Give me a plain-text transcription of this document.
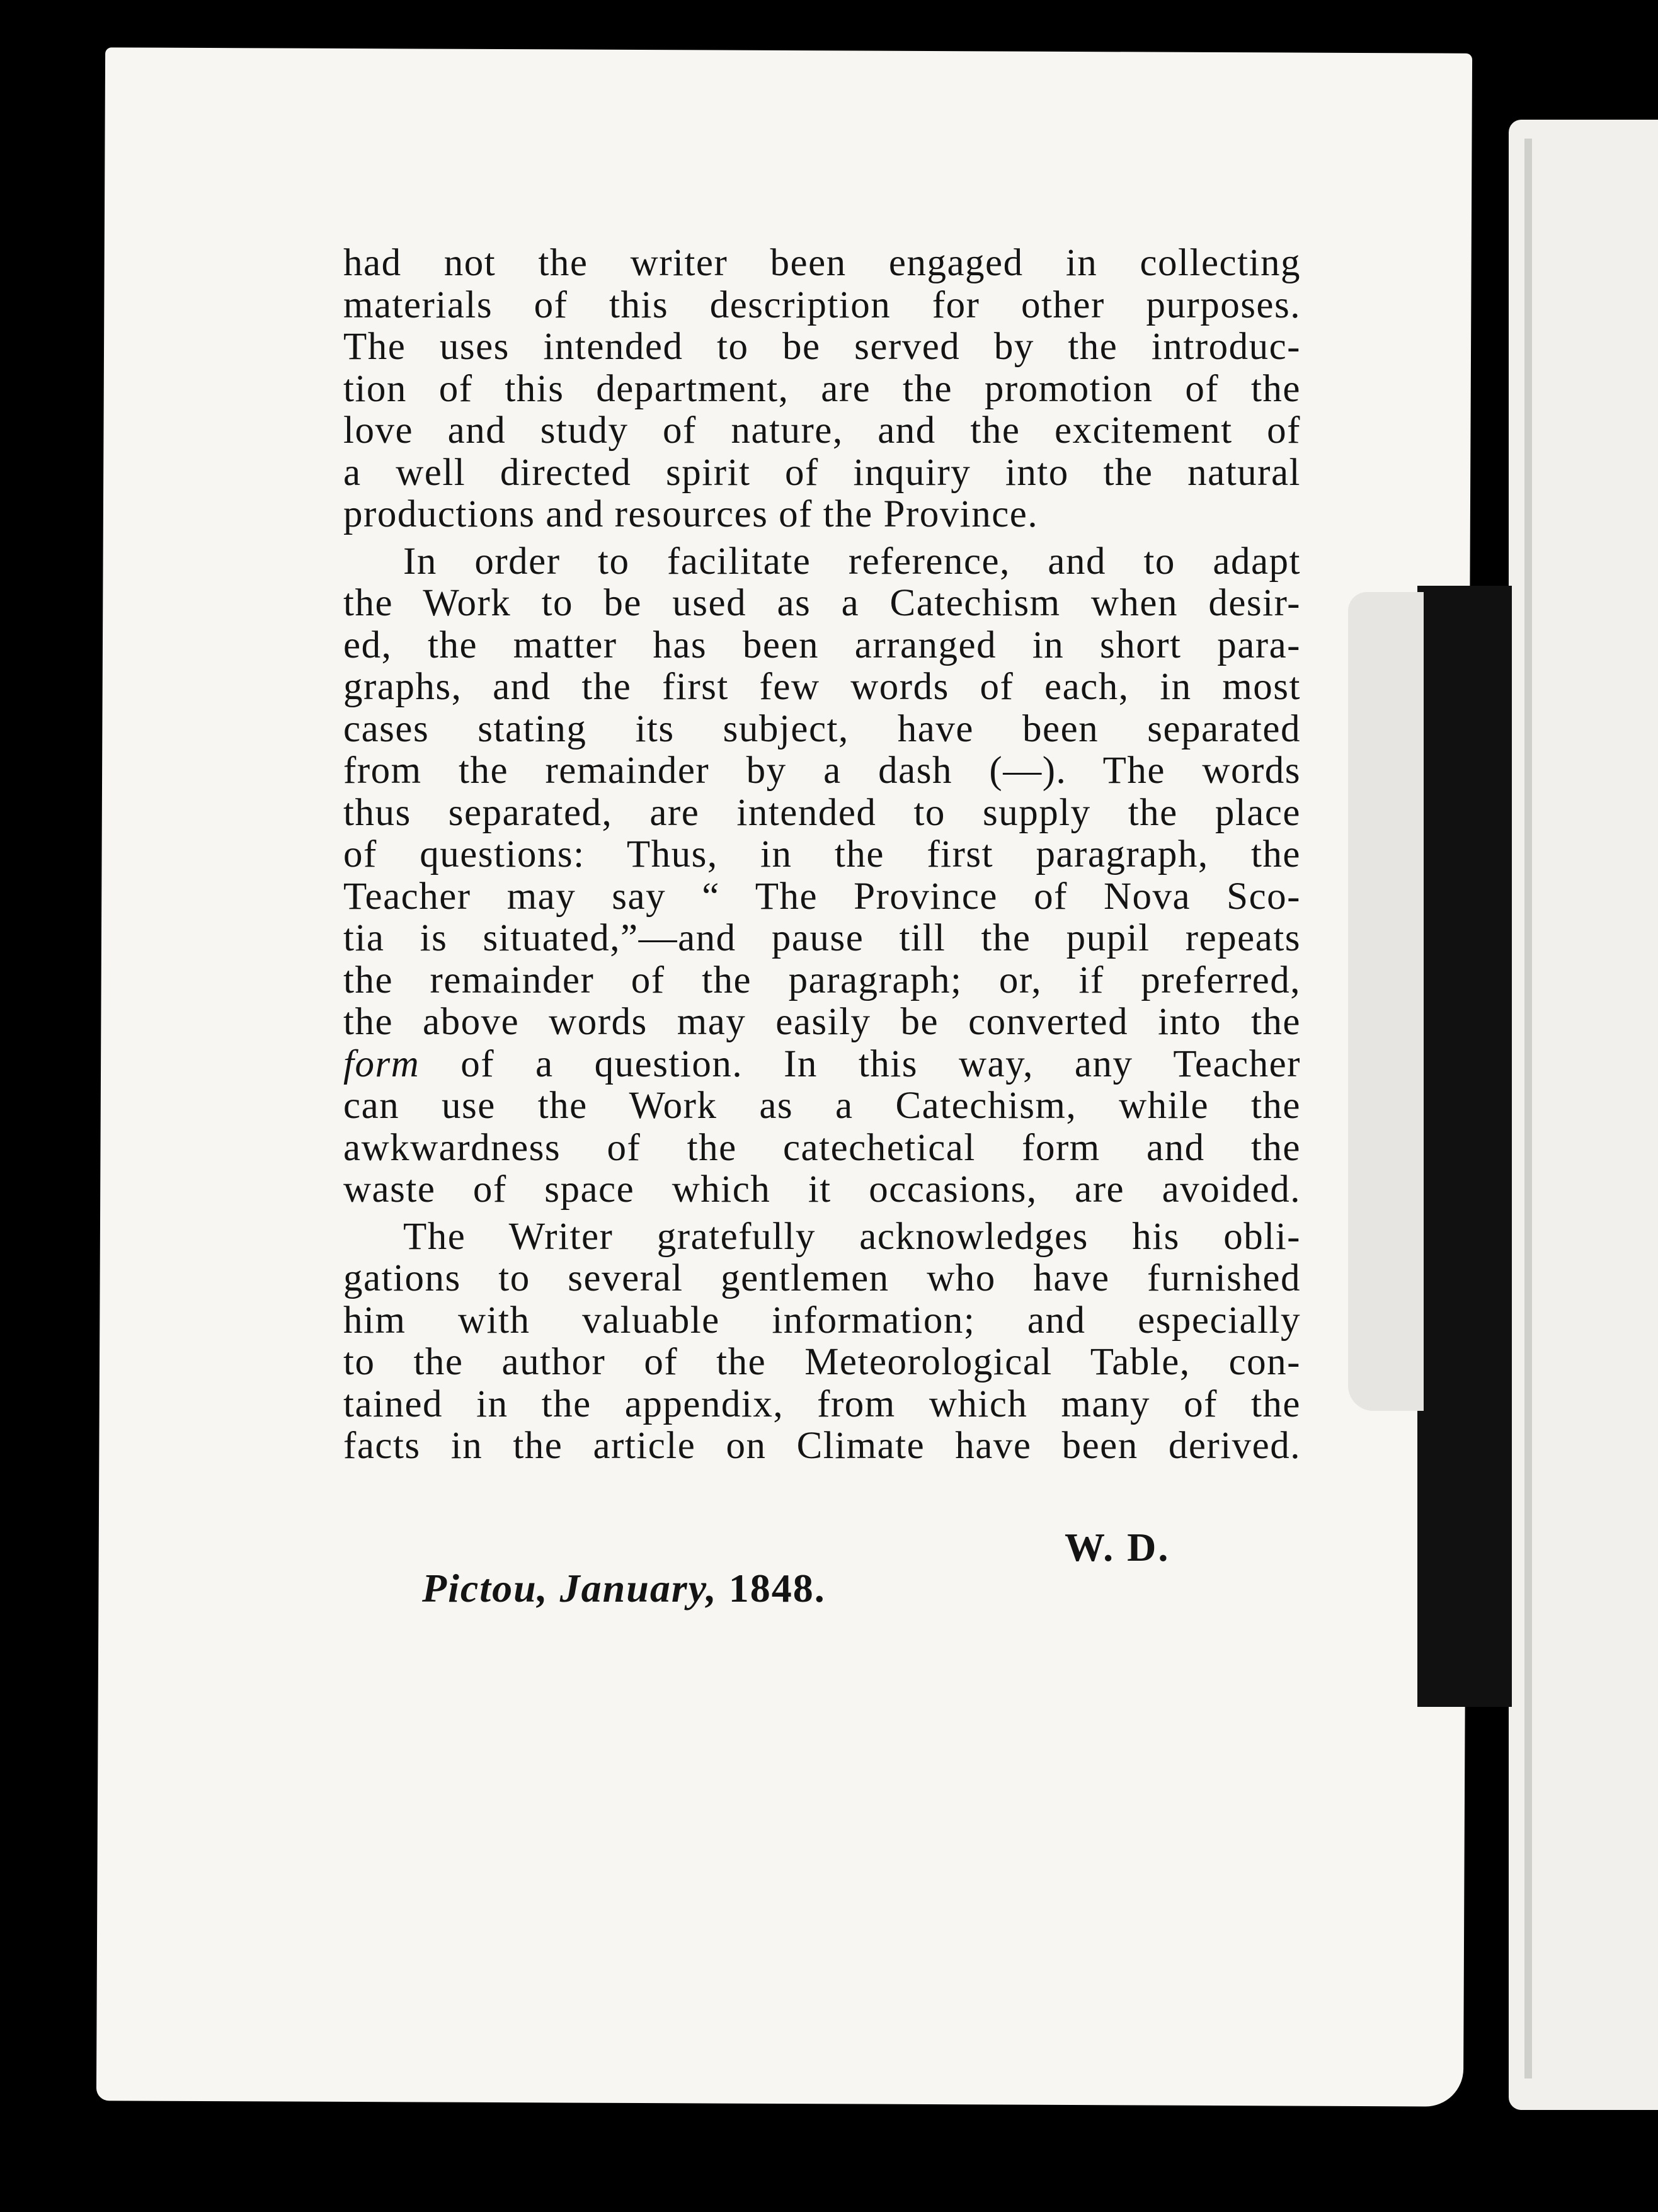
had not the writer been engaged in collecting

materials of this description for other purposes.

The uses intended to be served by the introduc-

tion of this department, are the promotion of the

love and study of nature, and the excitement of

a well directed spirit of inquiry into the natural

productions and resources of the Province.

In order to facilitate reference, and to adapt

the Work to be used as a Catechism when desir-

ed, the matter has been arranged in short para-

graphs, and the first few words of each, in most

cases stating its subject, have been separated

from the remainder by a dash (—). The words

thus separated, are intended to supply the place

of questions: Thus, in the first paragraph, the

Teacher may say “ The Province of Nova Sco-

tia is situated,”—and pause till the pupil repeats

the remainder of the paragraph; or, if preferred,

the above words may easily be converted into the

form of a question. In this way, any Teacher

can use the Work as a Catechism, while the

awkwardness of the catechetical form and the

waste of space which it occasions, are avoided.

The Writer gratefully acknowledges his obli-

gations to several gentlemen who have furnished

him with valuable information; and especially

to the author of the Meteorological Table, con-

tained in the appendix, from which many of the

facts in the article on Climate have been derived.

W. D.
Pictou, January, 1848.
